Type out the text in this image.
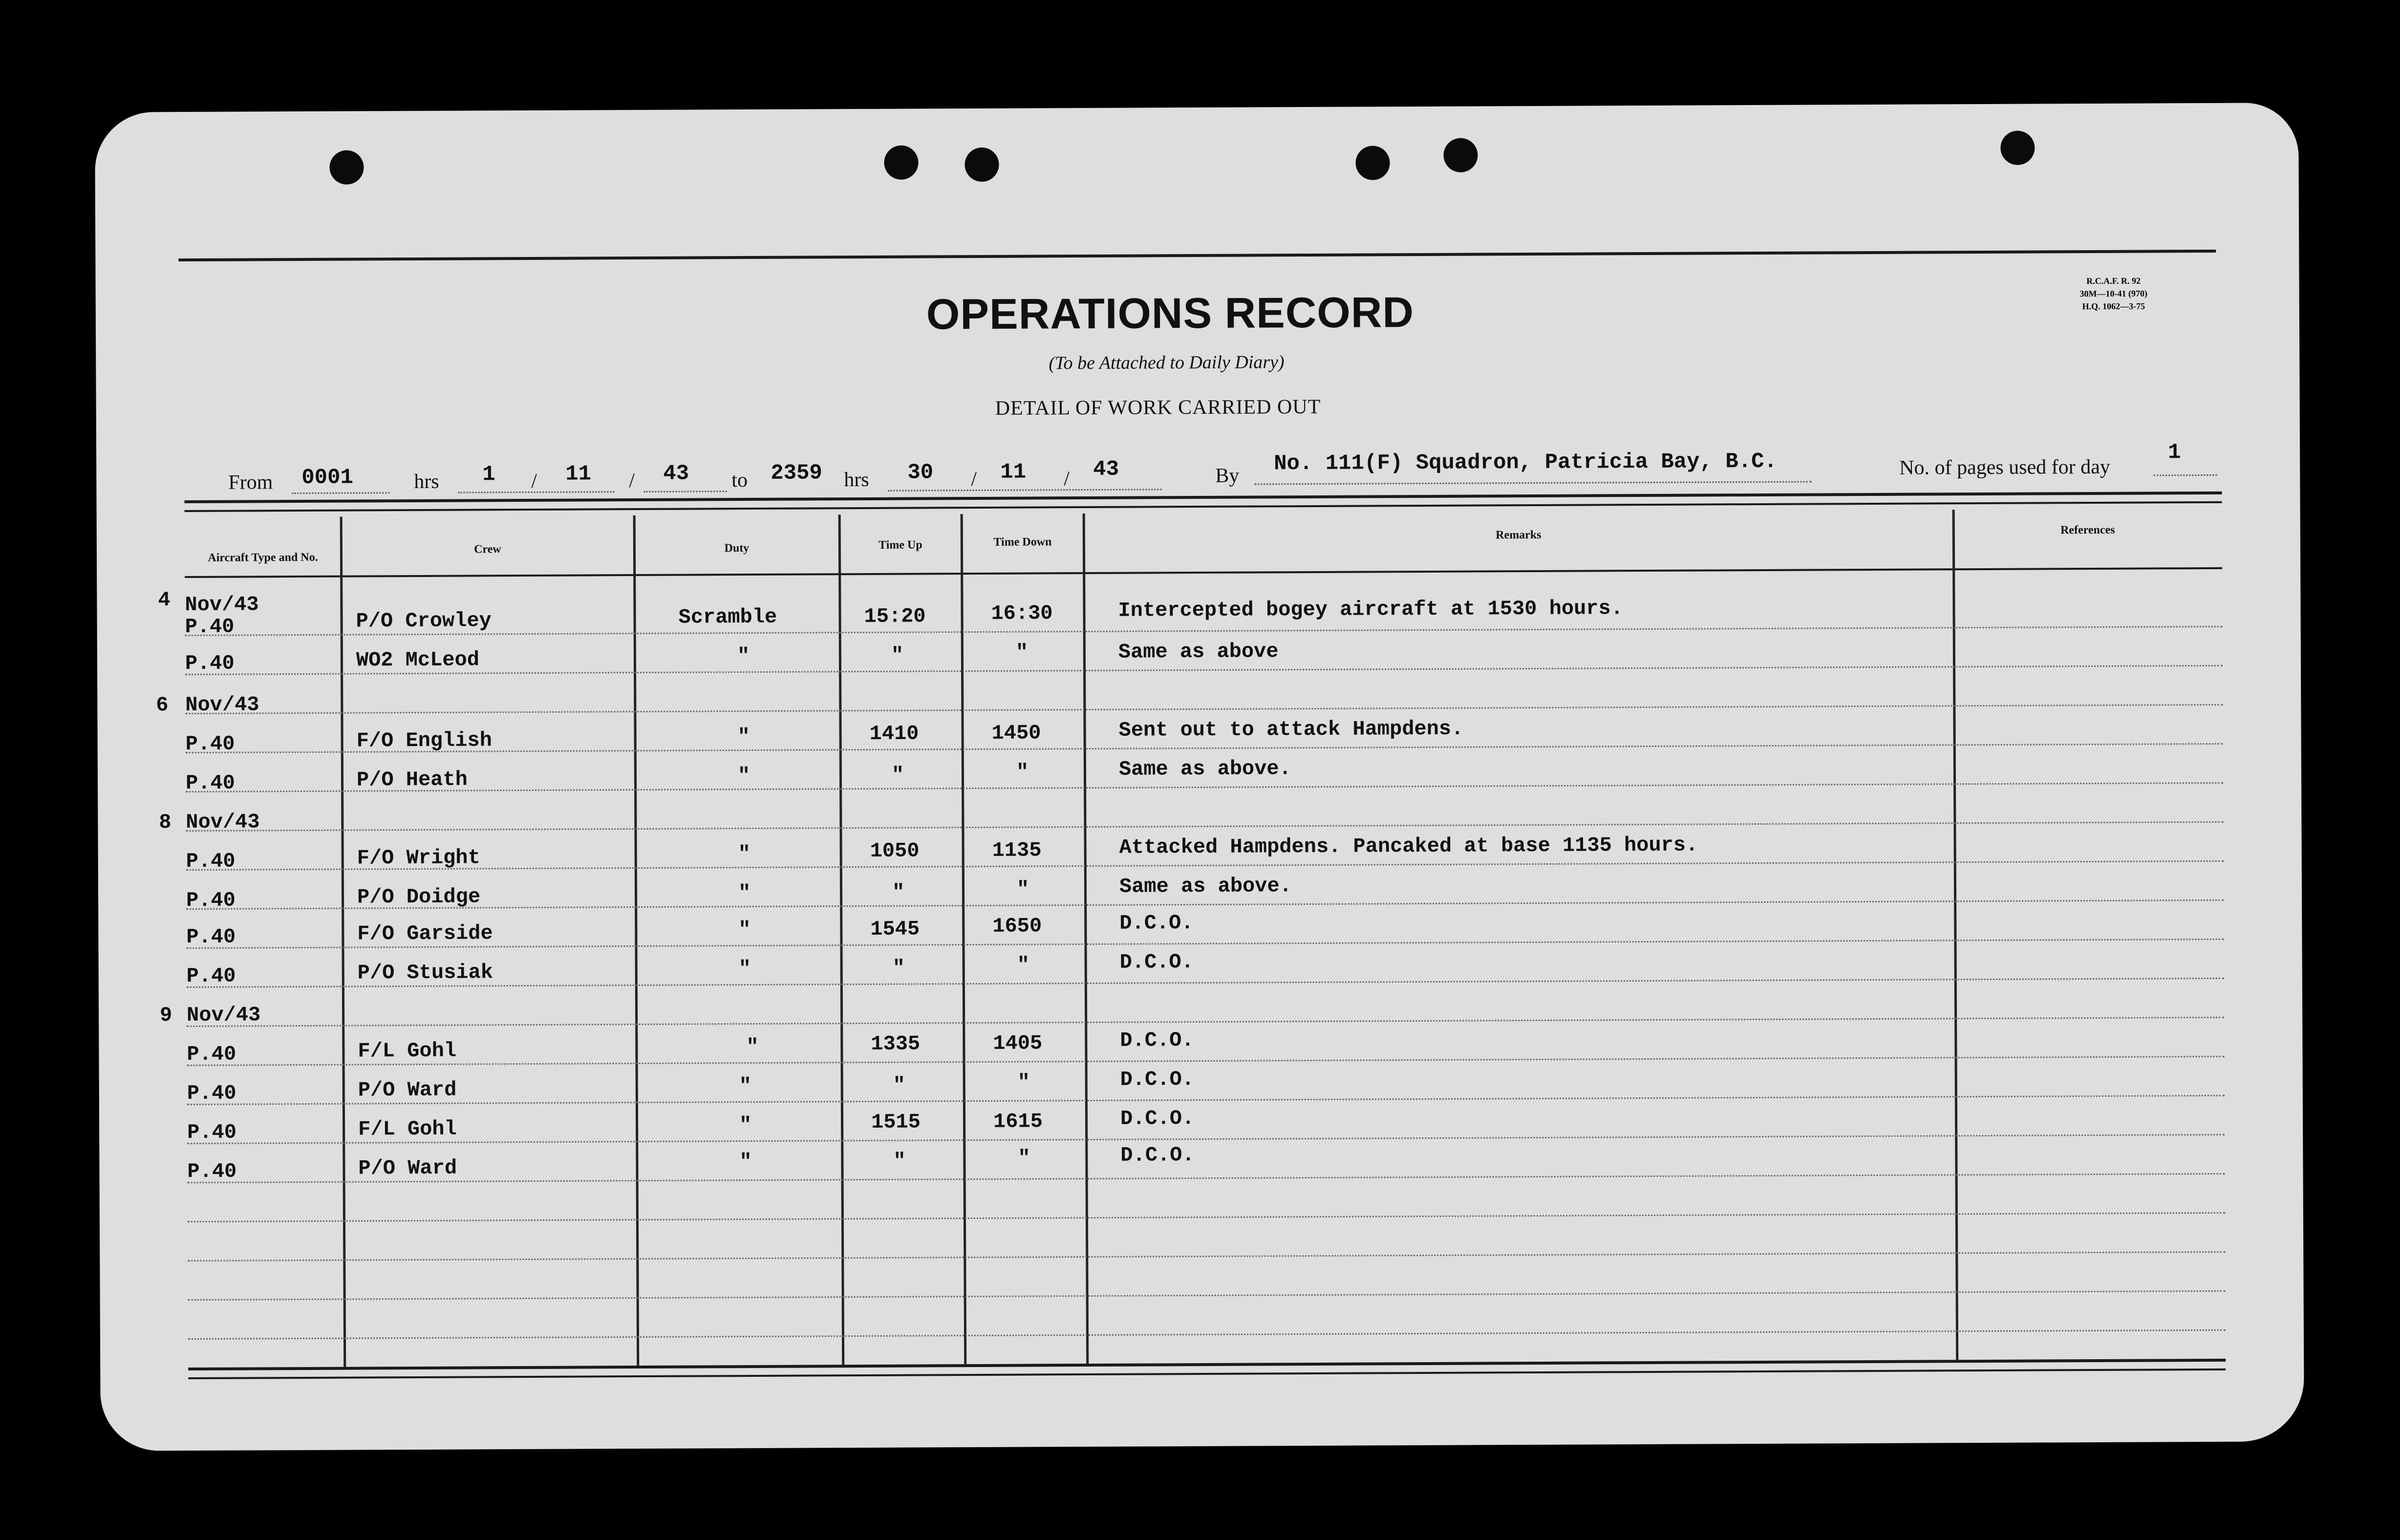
OPERATIONS RECORD
(To be Attached to Daily Diary)
DETAIL OF WORK CARRIED OUT
R.C.A.F. R. 92
30M—10-41 (970)
H.Q. 1062—3-75
From 0001	hrs 1 / 11 / 43 to 2359 hrs 30 / 11 / 43	By No. 111(F) Squadron, Patricia Bay, B.C.	No. of pages used for day
1
Aircraft Type and No.
Crew	Duty	Time Up	Time Down
Remarks	References
4 Nov/43
P.40	P/O Crowley	Scramble	15:20	16:30	Intercepted bogey aircraft at 1530 hours.
P.40	WO2 McLeod	"	"	"	Same as above
6 Nov/43
P.40	F/O English	"	1410	1450	Sent out to attack Hampdens.
P.40	P/O Heath	"	"	"	Same as above.
8 Nov/43
P.40	F/O Wright	"	1050	1135	Attacked Hampdens. Pancaked at base 1135 hours.
P.40	P/O Doidge	"	"	"	Same as above.
P.40	F/O Garside	"	1545	1650	D.C.O.
P.40	P/O Stusiak	"	"	"	D.C.O.
9 Nov/43
P.40	F/L Gohl	"	1335	1405	D.C.O.
P.40	P/O Ward	"	"	"	D.C.O.
P.40	F/L Gohl	"	1515	1615	D.C.O.
P.40	P/O Ward	"	"	"	D.C.O.
